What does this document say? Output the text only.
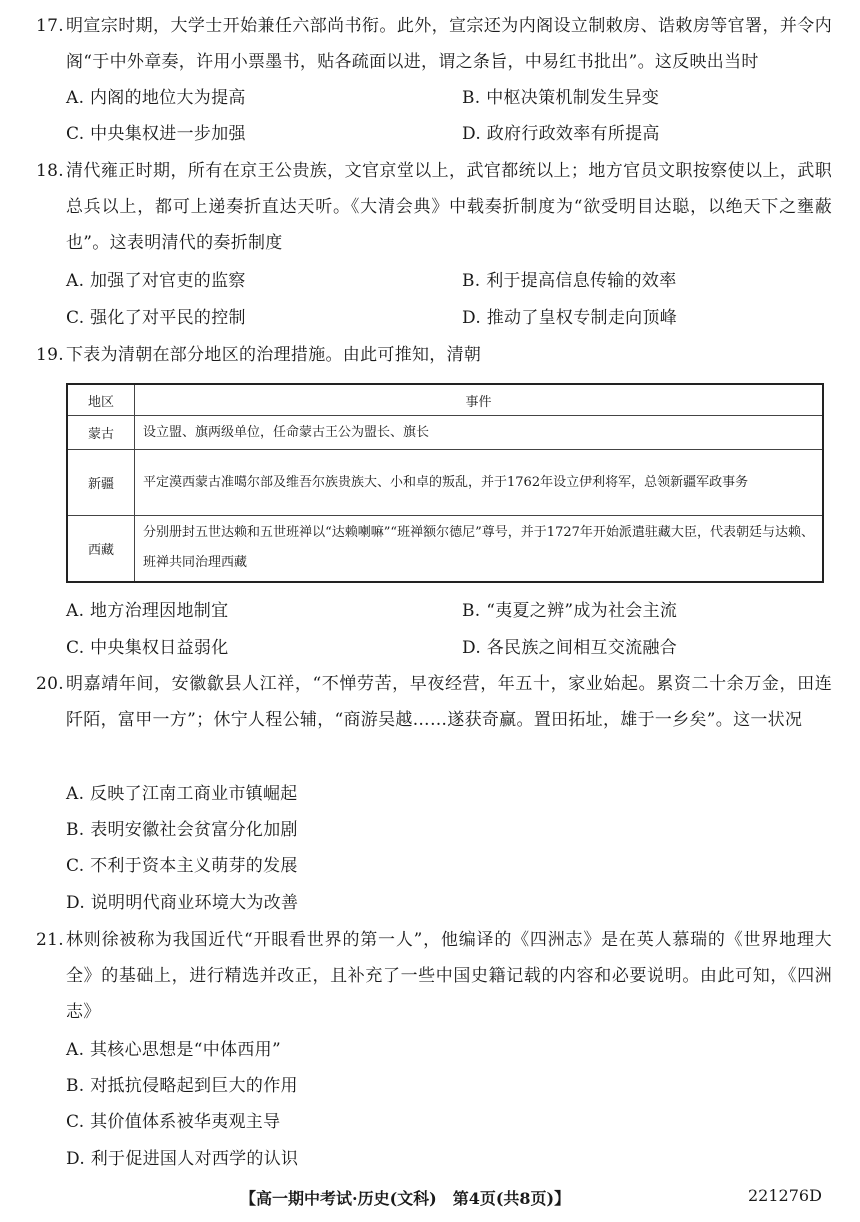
17. 明宣宗时期，大学士开始兼任六部尚书衔。此外，宣宗还为内阁设立制敕房、诰敕房等官署，并令内阁“于中外章奏，许用小票墨书，贴各疏面以进，谓之条旨，中易红书批出”。这反映出当时
A. 内阁的地位大为提高	B. 中枢决策机制发生异变
C. 中央集权进一步加强	D. 政府行政效率有所提高
18. 清代雍正时期，所有在京王公贵族，文官京堂以上，武官都统以上；地方官员文职按察使以上，武职总兵以上，都可上递奏折直达天听。《大清会典》中载奏折制度为“欲受明目达聪，以绝天下之壅蔽也”。这表明清代的奏折制度
A. 加强了对官吏的监察	B. 利于提高信息传输的效率
C. 强化了对平民的控制	D. 推动了皇权专制走向顶峰
19. 下表为清朝在部分地区的治理措施。由此可推知，清朝
地区	事件
蒙古	设立盟、旗两级单位，任命蒙古王公为盟长、旗长
新疆	平定漠西蒙古准噶尔部及维吾尔族贵族大、小和卓的叛乱，并于1762年设立伊利将军，总领新疆军政事务
西藏	分别册封五世达赖和五世班禅以“达赖喇嘛”“班禅额尔德尼”尊号，并于1727年开始派遣驻藏大臣，代表朝廷与达赖、班禅共同治理西藏
A. 地方治理因地制宜	B. “夷夏之辨”成为社会主流
C. 中央集权日益弱化	D. 各民族之间相互交流融合
20. 明嘉靖年间，安徽歙县人江祥，“不惮劳苦，早夜经营，年五十，家业始起。累资二十余万金，田连阡陌，富甲一方”；休宁人程公辅，“商游吴越……遂获奇赢。置田拓址，雄于一乡矣”。这一状况
A. 反映了江南工商业市镇崛起
B. 表明安徽社会贫富分化加剧
C. 不利于资本主义萌芽的发展
D. 说明明代商业环境大为改善
21. 林则徐被称为我国近代“开眼看世界的第一人”，他编译的《四洲志》是在英人慕瑞的《世界地理大全》的基础上，进行精选并改正，且补充了一些中国史籍记载的内容和必要说明。由此可知，《四洲志》
A. 其核心思想是“中体西用”
B. 对抵抗侵略起到巨大的作用
C. 其价值体系被华夷观主导
D. 利于促进国人对西学的认识
【高一期中考试·历史(文科)　第4页(共8页)】	221276D
